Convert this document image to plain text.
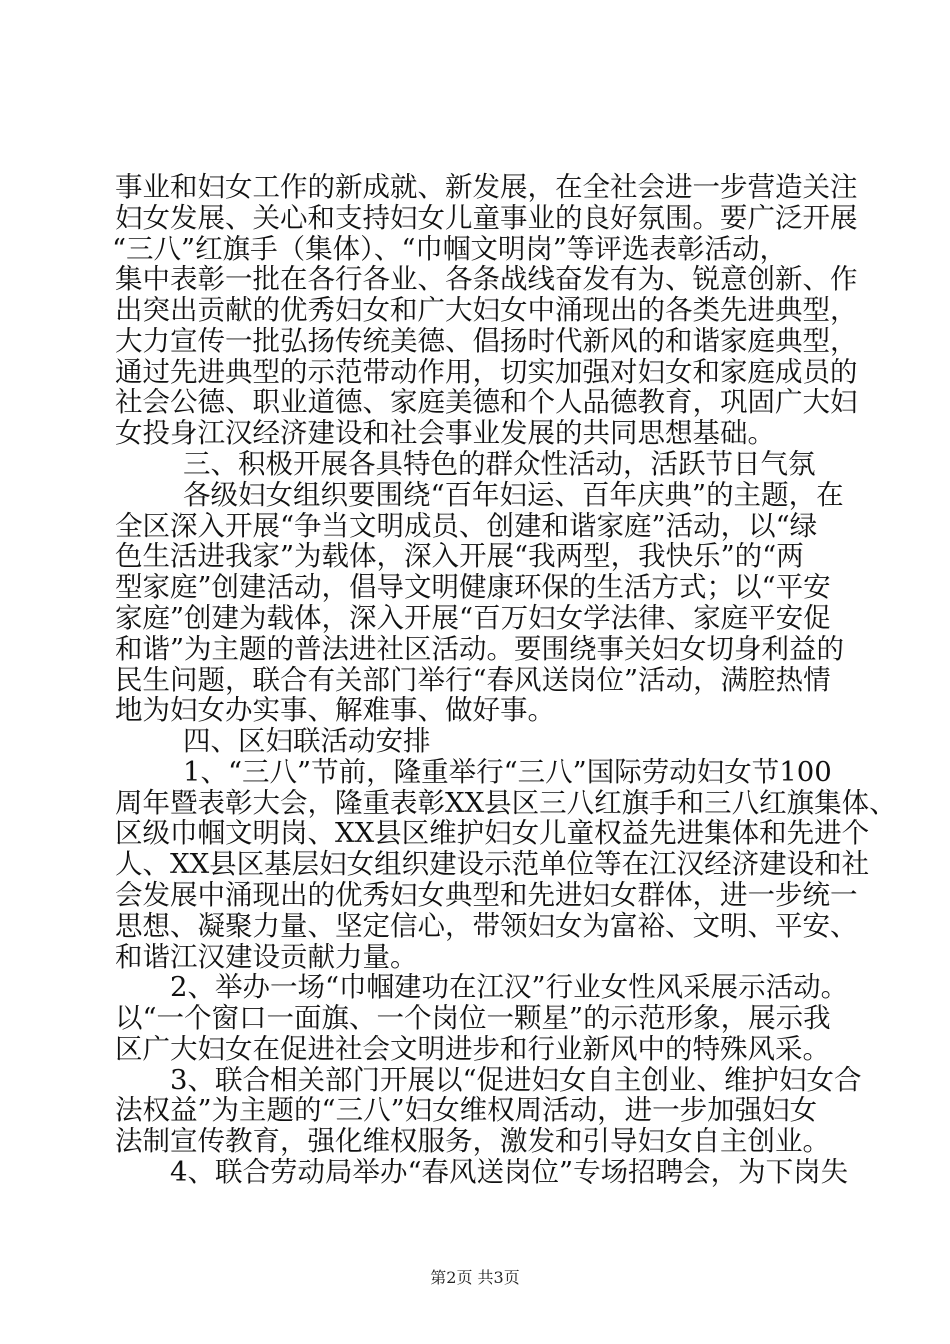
事业和妇女工作的新成就、新发展，在全社会进一步营造关注
妇女发展、关心和支持妇女儿童事业的良好氛围。要广泛开展
“三八”红旗手（集体）、“巾帼文明岗”等评选表彰活动，
集中表彰一批在各行各业、各条战线奋发有为、锐意创新、作
出突出贡献的优秀妇女和广大妇女中涌现出的各类先进典型，
大力宣传一批弘扬传统美德、倡扬时代新风的和谐家庭典型，
通过先进典型的示范带动作用，切实加强对妇女和家庭成员的
社会公德、职业道德、家庭美德和个人品德教育，巩固广大妇
女投身江汉经济建设和社会事业发展的共同思想基础。
三、积极开展各具特色的群众性活动，活跃节日气氛
各级妇女组织要围绕“百年妇运、百年庆典”的主题，在
全区深入开展“争当文明成员、创建和谐家庭”活动，以“绿
色生活进我家”为载体，深入开展“我两型，我快乐”的“两
型家庭”创建活动，倡导文明健康环保的生活方式；以“平安
家庭”创建为载体，深入开展“百万妇女学法律、家庭平安促
和谐”为主题的普法进社区活动。要围绕事关妇女切身利益的
民生问题，联合有关部门举行“春风送岗位”活动，满腔热情
地为妇女办实事、解难事、做好事。
四、区妇联活动安排
1、“三八”节前，隆重举行“三八”国际劳动妇女节100
周年暨表彰大会，隆重表彰XX县区三八红旗手和三八红旗集体、
区级巾帼文明岗、XX县区维护妇女儿童权益先进集体和先进个
人、XX县区基层妇女组织建设示范单位等在江汉经济建设和社
会发展中涌现出的优秀妇女典型和先进妇女群体，进一步统一
思想、凝聚力量、坚定信心，带领妇女为富裕、文明、平安、
和谐江汉建设贡献力量。
2、举办一场“巾帼建功在江汉”行业女性风采展示活动。
以“一个窗口一面旗、一个岗位一颗星”的示范形象，展示我
区广大妇女在促进社会文明进步和行业新风中的特殊风采。
3、联合相关部门开展以“促进妇女自主创业、维护妇女合
法权益”为主题的“三八”妇女维权周活动，进一步加强妇女
法制宣传教育，强化维权服务，激发和引导妇女自主创业。
4、联合劳动局举办“春风送岗位”专场招聘会，为下岗失
第2页 共3页
